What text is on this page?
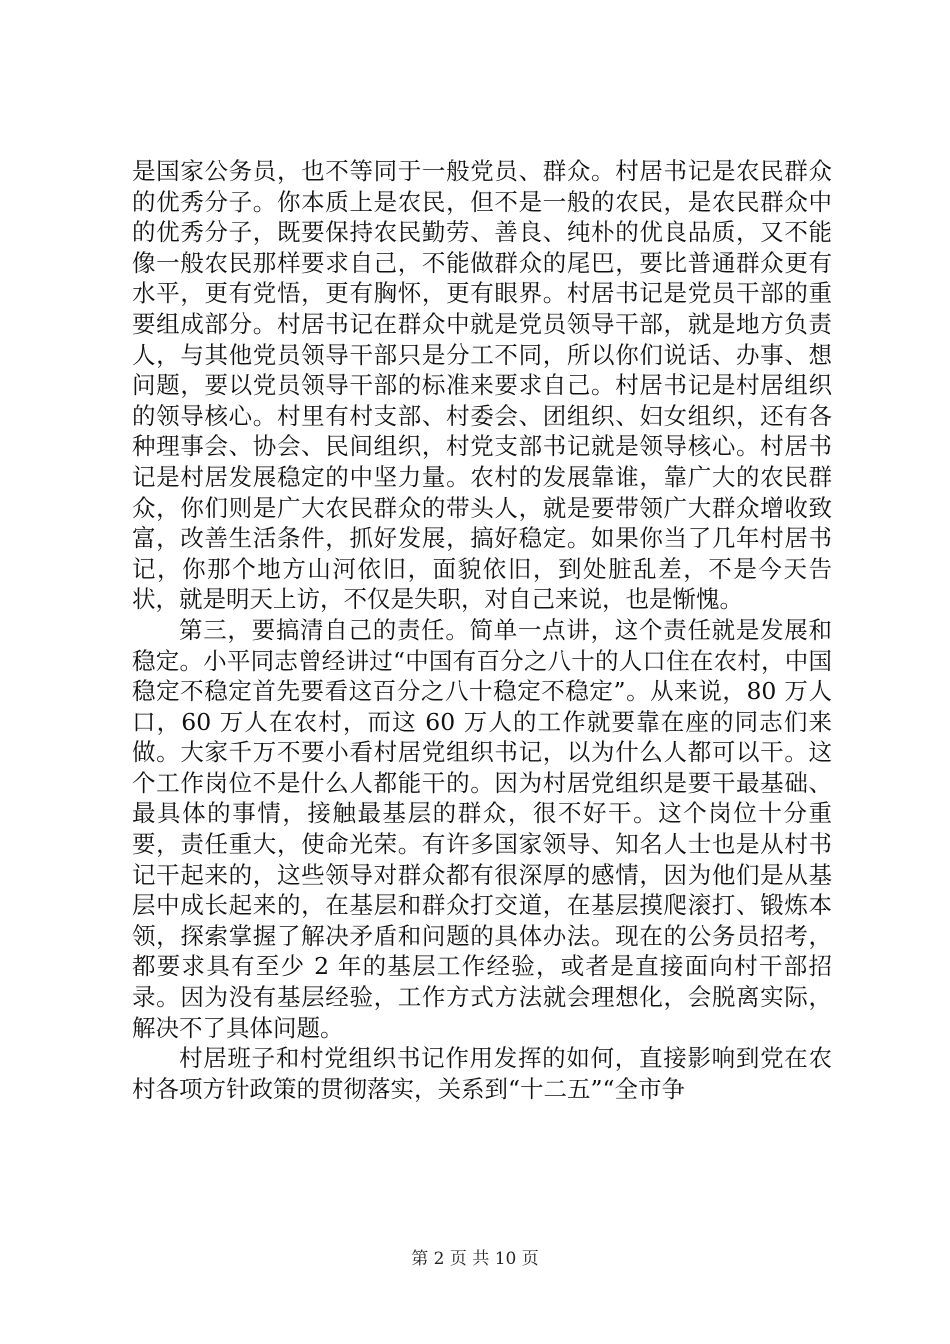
是国家公务员，也不等同于一般党员、群众。村居书记是农民群众的优秀分子。你本质上是农民，但不是一般的农民，是农民群众中的优秀分子，既要保持农民勤劳、善良、纯朴的优良品质，又不能像一般农民那样要求自己，不能做群众的尾巴，要比普通群众更有水平，更有党悟，更有胸怀，更有眼界。村居书记是党员干部的重要组成部分。村居书记在群众中就是党员领导干部，就是地方负责人，与其他党员领导干部只是分工不同，所以你们说话、办事、想问题，要以党员领导干部的标准来要求自己。村居书记是村居组织的领导核心。村里有村支部、村委会、团组织、妇女组织，还有各种理事会、协会、民间组织，村党支部书记就是领导核心。村居书记是村居发展稳定的中坚力量。农村的发展靠谁，靠广大的农民群众，你们则是广大农民群众的带头人，就是要带领广大群众增收致富，改善生活条件，抓好发展，搞好稳定。如果你当了几年村居书记，你那个地方山河依旧，面貌依旧，到处脏乱差，不是今天告状，就是明天上访，不仅是失职，对自己来说，也是惭愧。

第三，要搞清自己的责任。简单一点讲，这个责任就是发展和稳定。小平同志曾经讲过“中国有百分之八十的人口住在农村，中国稳定不稳定首先要看这百分之八十稳定不稳定”。从来说，80 万人口，60 万人在农村，而这 60 万人的工作就要靠在座的同志们来做。大家千万不要小看村居党组织书记，以为什么人都可以干。这个工作岗位不是什么人都能干的。因为村居党组织是要干最基础、最具体的事情，接触最基层的群众，很不好干。这个岗位十分重要，责任重大，使命光荣。有许多国家领导、知名人士也是从村书记干起来的，这些领导对群众都有很深厚的感情，因为他们是从基层中成长起来的，在基层和群众打交道，在基层摸爬滚打、锻炼本领，探索掌握了解决矛盾和问题的具体办法。现在的公务员招考，都要求具有至少 2 年的基层工作经验，或者是直接面向村干部招录。因为没有基层经验，工作方式方法就会理想化，会脱离实际，解决不了具体问题。

村居班子和村党组织书记作用发挥的如何，直接影响到党在农村各项方针政策的贯彻落实，关系到“十二五”“全市争

第 2 页 共 10 页
